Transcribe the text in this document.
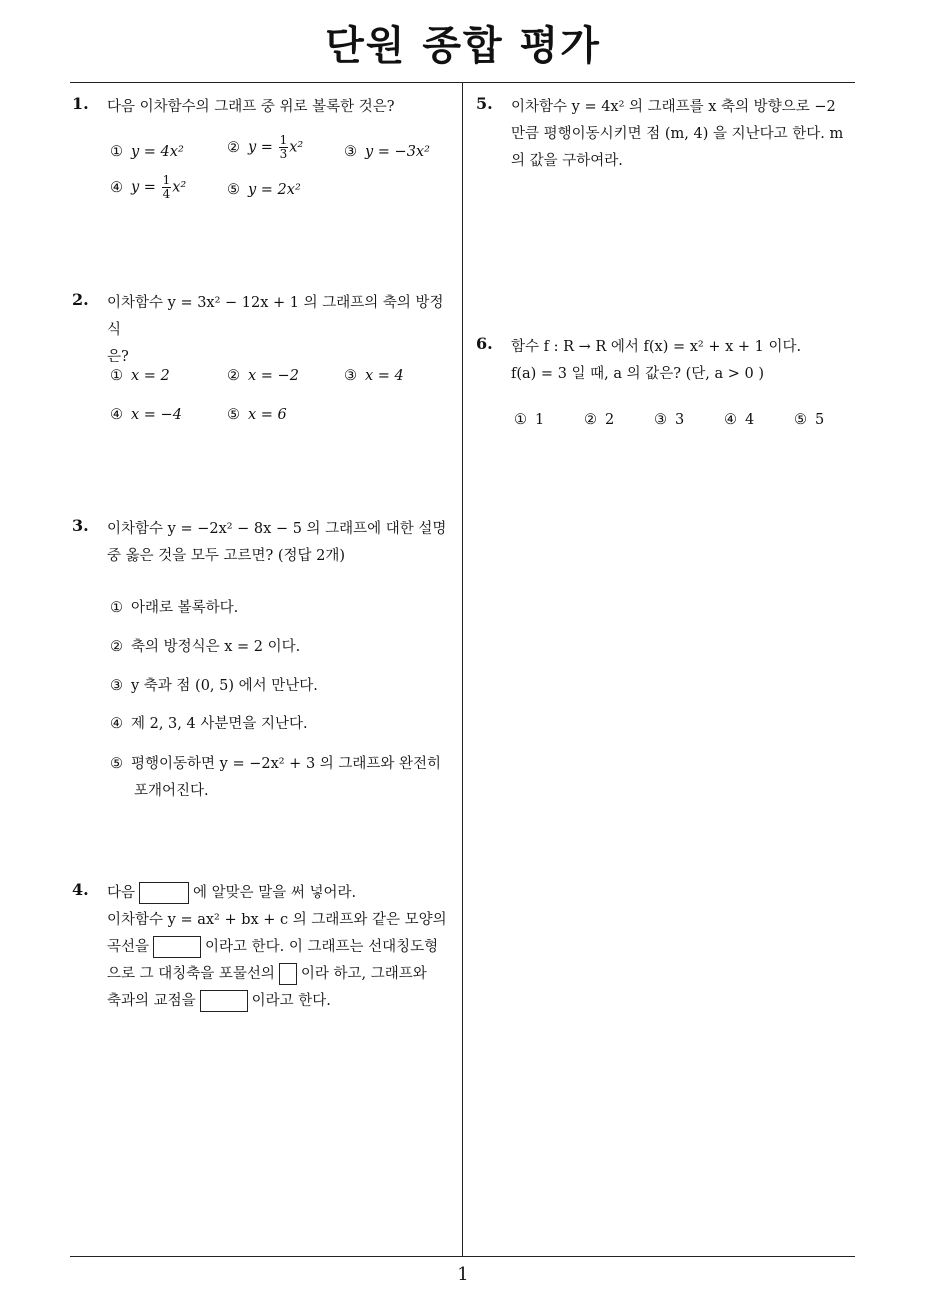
단원 종합 평가
1
1. 다음 이차함수의 그래프 중 위로 볼록한 것은?
① y = 4x²	② $y = \frac{1}{3} x^2$	③ y = −3x²
④ $y = \frac{1}{4} x^2$	⑤ y = 2x²
2. 이차함수 y = 3x² − 12x + 1 의 그래프의 축의 방정식

은?

① x = 2	② x = −2	③ x = 4
④ x = −4	⑤ x = 6
3. 이차함수 y = −2x² − 8x − 5 의 그래프에 대한 설명

중 옳은 것을 모두 고르면? (정답 2개)

① 아래로 볼록하다.
② 축의 방정식은 x = 2 이다.
③ y 축과 점 (0, 5) 에서 만난다.
④ 제 2, 3, 4 사분면을 지난다.
⑤ 평행이동하면 y = −2x² + 3 의 그래프와 완전히
포개어진다.
4. 다음	에 알맞은 말을 써 넣어라.

이차함수 y = ax² + bx + c 의 그래프와 같은 모양의

곡선을	이라고 한다. 이 그래프는 선대칭도형

으로 그 대칭축을 포물선의 이라 하고, 그래프와

축과의 교점을	이라고 한다.

5. 이차함수 y = 4x² 의 그래프를 x 축의 방향으로 −2

만큼 평행이동시키면 점 (m, 4) 을 지난다고 한다. m

의 값을 구하여라.

6. 함수 f : R → R 에서 f(x) = x² + x + 1 이다.

f(a) = 3 일 때, a 의 값은? (단, a > 0 )

① 1	② 2	③ 3	④ 4	⑤ 5
